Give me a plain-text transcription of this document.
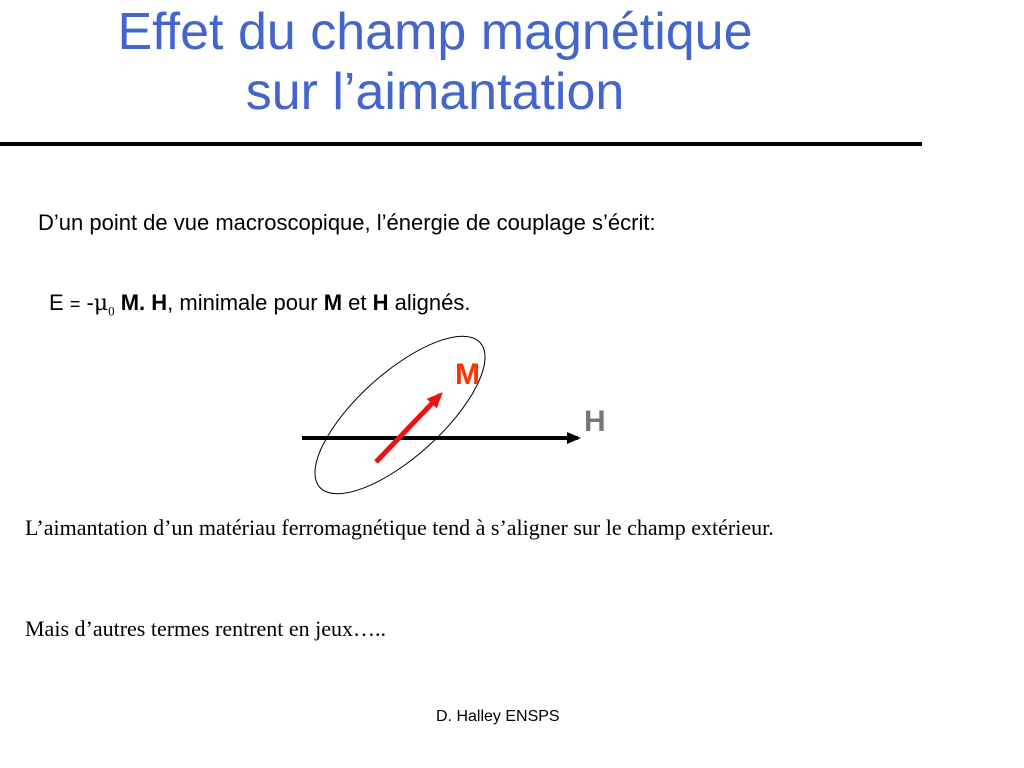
Effet du champ magnétique
sur l’aimantation

D’un point de vue macroscopique, l’énergie de couplage s’écrit:

$E = -\mu_0$ M. H, minimale pour M et H alignés.

M
H

L’aimantation d’un matériau ferromagnétique tend à s’aligner sur le champ extérieur.

Mais d’autres termes rentrent en jeux…..

D. Halley ENSPS
